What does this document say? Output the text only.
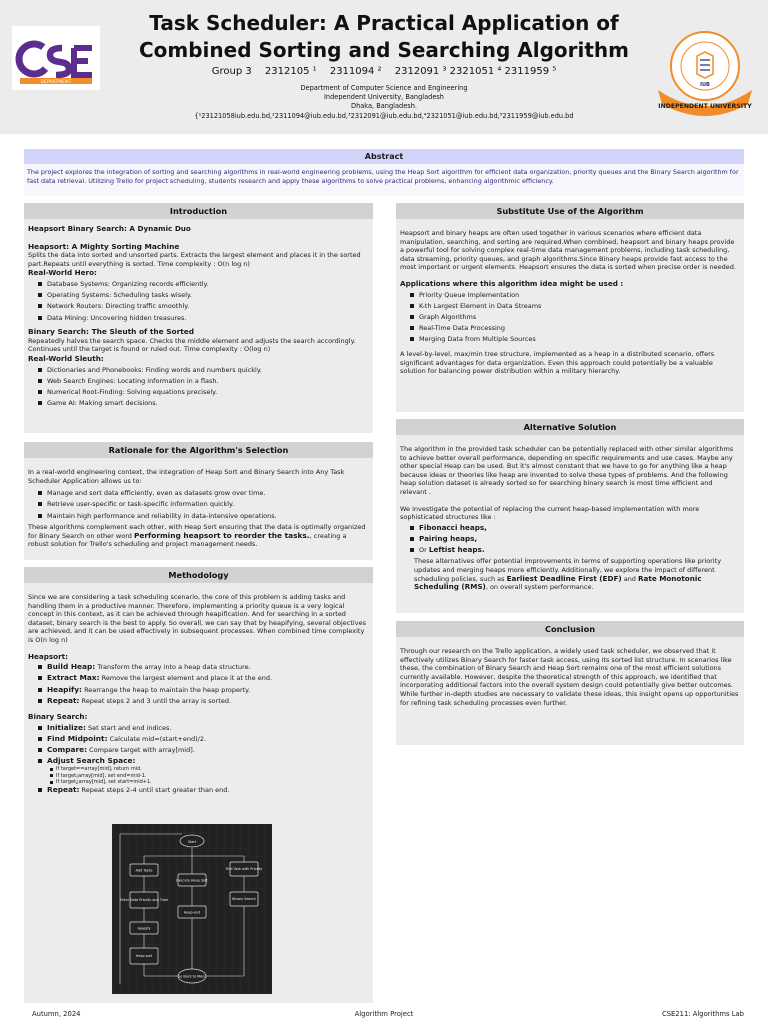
DEPARTMENT
Task Scheduler: A Practical Application of
Combined Sorting and Searching Algorithm
Group 3 2312105 ¹ 2311094 ² 2312091 ³ 2321051 ⁴ 2311959 ⁵
Department of Computer Science and Engineering
Independent University, Bangladesh
Dhaka, Bangladesh.
{¹23121058iub.edu.bd,²2311094@iub.edu.bd,³2312091@iub.edu.bd,⁴2321051@iub.edu.bd,⁵2311959@iub.edu.bd
IUB
INDEPENDENT UNIVERSITY
Abstract
The project explores the integration of sorting and searching algorithms in real-world engineering problems, using the Heap Sort algorithm for efficient data organization, priority queues and the Binary Search algorithm for fast data retrieval. Utilizing Trello for project scheduling, students research and apply these algorithms to solve practical problems, enhancing algorithmic efficiency.
Introduction
Heapsort Binary Search: A Dynamic Duo
Heapsort: A Mighty Sorting Machine

Splits the data into sorted and unsorted parts. Extracts the largest element and places it in the sorted part.Repeats until everything is sorted. Time complexity : O(n log n)

Real-World Hero:
Database Systems: Organizing records efficiently.
Operating Systems: Scheduling tasks wisely.
Network Routers: Directing traffic smoothly.
Data Mining: Uncovering hidden treasures.
Binary Search: The Sleuth of the Sorted

Repeatedly halves the search space. Checks the middle element and adjusts the search accordingly. Continues until the target is found or ruled out. Time complexity : O(log n)

Real-World Sleuth:
Dictionaries and Phonebooks: Finding words and numbers quickly.
Web Search Engines: Locating information in a flash.
Numerical Root-Finding: Solving equations precisely.
Game AI: Making smart decisions.
Rationale for the Algorithm's Selection

In a real-world engineering context, the integration of Heap Sort and Binary Search into Any Task Scheduler Application allows us to:

Manage and sort data efficiently, even as datasets grow over time.
Retrieve user-specific or task-specific information quickly.
Maintain high performance and reliability in data-intensive operations.

These algorithms complement each other, with Heap Sort ensuring that the data is optimally organized for Binary Search on other word Performing heapsort to reorder the tasks., creating a robust solution for Trello's scheduling and project management needs.

Methodology

Since we are considering a task scheduling scenario, the core of this problem is adding tasks and handling them in a productive manner. Therefore, implementing a priority queue is a very logical concept in this context, as it can be achieved through heapification. And for searching in a sorted dataset, binary search is the best to apply. So overall, we can say that by heapifying, several objectives are achieved, and it can be used effectively in subsequent processes. When combined time complexity is O(n log n)

Heapsort:
Build Heap: Transform the array into a heap data structure.
Extract Max: Remove the largest element and place it at the end.
Heapify: Rearrange the heap to maintain the heap property.
Repeat: Repeat steps 2 and 3 until the array is sorted.
Binary Search:
Initialize: Set start and end indices.
Find Midpoint: Calculate mid=(start+end)/2.
Compare: Compare target with array[mid].
Adjust Search Space:
If target==array[mid], return mid.
If target¡array[mid], set end=mid-1.
If target¿array[mid], set start=mid+1.
Repeat: Repeat steps 2-4 until start greater than end.
Start
Add Tasks
Execute Heap Sort
Find Task with Priority
Enter Data Priority and Time
Heap-end
Binary Search
Heapify
Heap sort
Go Back to Menu
Substitute Use of the Algorithm

Heapsort and binary heaps are often used together in various scenarios where efficient data manipulation, searching, and sorting are required.When combined, heapsort and binary heaps provide a powerful tool for solving complex real-time data management problems, including task scheduling, data streaming, priority queues, and graph algorithms.Since Binary heaps provide fast access to the most important or urgent elements. Heapsort ensures the data is sorted when precise order is needed.

Applications where this algorithm idea might be used :
Priority Queue Implementation
K-th Largest Element in Data Streams
Graph Algorithms
Real-Time Data Processing
Merging Data from Multiple Sources

A level-by-level, max/min tree structure, implemented as a heap in a distributed scenario, offers significant advantages for data organization. Even this approach could potentially be a valuable solution for balancing power distribution within a military hierarchy.

Alternative Solution

The algorithm in the provided task scheduler can be potentially replaced with other similar algorithms to achieve better overall performance, depending on specific requirements and use cases. Maybe any other special Heap can be used. But it's almost constant that we have to go for anything like a heap because ideas or theories like heap are invented to solve these types of problems. And the following heap solution dataset is already sorted so for searching binary search is most time efficient and relevant .

We investigate the potential of replacing the current heap-based implementation with more sophisticated structures like :

Fibonacci heaps,
Pairing heaps,
Or Leftist heaps.

These alternatives offer potential improvements in terms of supporting operations like priority updates and merging heaps more efficiently. Additionally, we explore the impact of different scheduling policies, such as Earliest Deadline First (EDF) and Rate Monotonic Scheduling (RMS), on overall system performance.

Conclusion

Through our research on the Trello application, a widely used task scheduler, we observed that it effectively utilizes Binary Search for faster task access, using its sorted list structure. In scenarios like these, the combination of Binary Search and Heap Sort remains one of the most efficient solutions currently available. However, despite the theoretical strength of this approach, we identified that incorporating additional factors into the overall system design could potentially give better outcomes. While further in-depth studies are necessary to validate these ideas, this insight opens up opportunities for refining task scheduling processes even further.

Autumn, 2024	Algorithm Project	CSE211: Algorithms Lab
